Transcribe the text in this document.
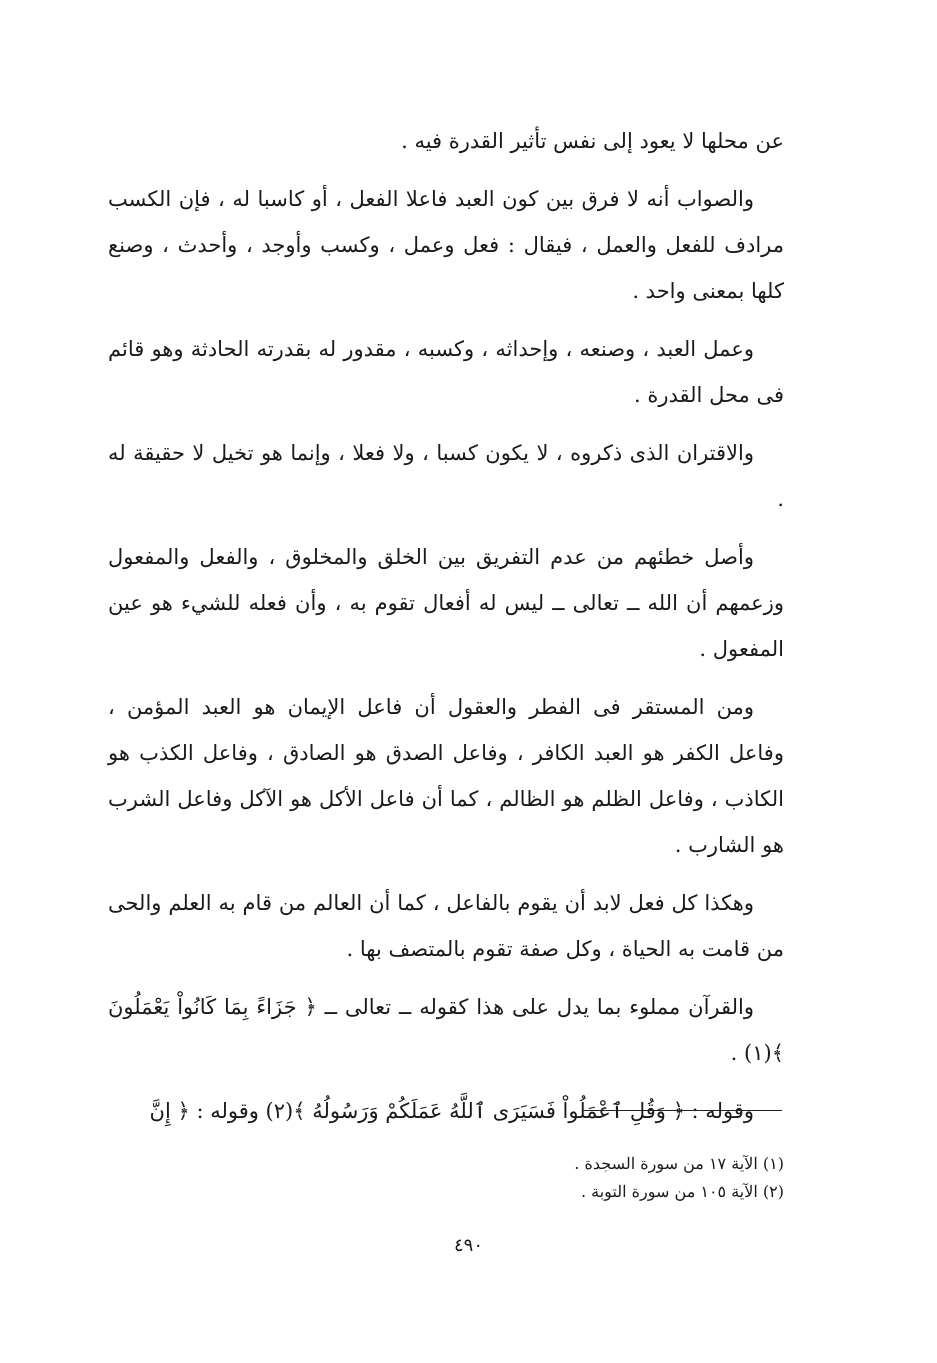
عن محلها لا يعود إلى نفس تأثير القدرة فيه .

والصواب أنه لا فرق بين كون العبد فاعلا الفعل ، أو كاسبا له ، فإن الكسب مرادف للفعل والعمل ، فيقال : فعل وعمل ، وكسب وأوجد ، وأحدث ، وصنع كلها بمعنى واحد .

وعمل العبد ، وصنعه ، وإحداثه ، وكسبه ، مقدور له بقدرته الحادثة وهو قائم فى محل القدرة .

والاقتران الذى ذكروه ، لا يكون كسبا ، ولا فعلا ، وإنما هو تخيل لا حقيقة له .

وأصل خطئهم من عدم التفريق بين الخلق والمخلوق ، والفعل والمفعول وزعمهم أن الله ــ تعالى ــ ليس له أفعال تقوم به ، وأن فعله للشيء هو عين المفعول .

ومن المستقر فى الفطر والعقول أن فاعل الإيمان هو العبد المؤمن ، وفاعل الكفر هو العبد الكافر ، وفاعل الصدق هو الصادق ، وفاعل الكذب هو الكاذب ، وفاعل الظلم هو الظالم ، كما أن فاعل الأكل هو الآكل وفاعل الشرب هو الشارب .

وهكذا كل فعل لابد أن يقوم بالفاعل ، كما أن العالم من قام به العلم والحى من قامت به الحياة ، وكل صفة تقوم بالمتصف بها .

والقرآن مملوء بما يدل على هذا كقوله ــ تعالى ــ ﴿ جَزَاءً بِمَا كَانُواْ يَعْمَلُونَ ﴾(١) .

وقوله : ﴿ وَقُلِ ٱعْمَلُواْ فَسَيَرَى ٱللَّهُ عَمَلَكُمْ وَرَسُولُهُ ﴾(٢) وقوله : ﴿ إِنَّ

(١) الآية ١٧ من سورة السجدة .

(٢) الآية ١٠٥ من سورة التوبة .

٤٩٠
